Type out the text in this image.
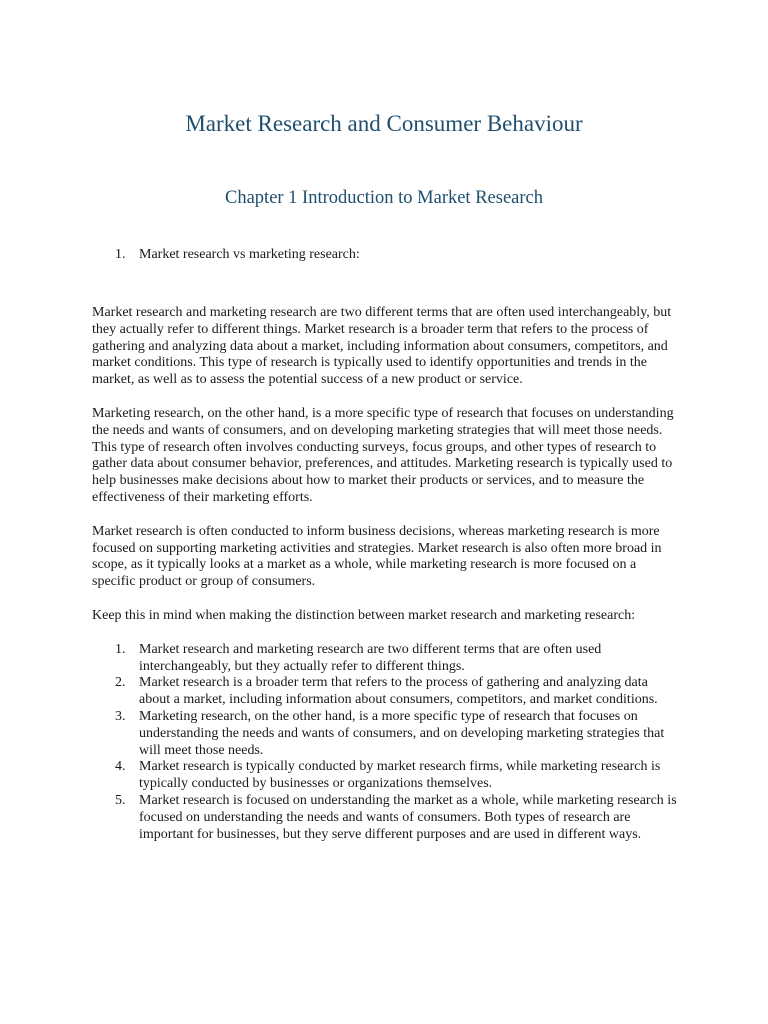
Market Research and Consumer Behaviour
Chapter 1 Introduction to Market Research
1. Market research vs marketing research:

Market research and marketing research are two different terms that are often used interchangeably, but they actually refer to different things. Market research is a broader term that refers to the process of gathering and analyzing data about a market, including information about consumers, competitors, and market conditions. This type of research is typically used to identify opportunities and trends in the market, as well as to assess the potential success of a new product or service.

Marketing research, on the other hand, is a more specific type of research that focuses on understanding the needs and wants of consumers, and on developing marketing strategies that will meet those needs. This type of research often involves conducting surveys, focus groups, and other types of research to gather data about consumer behavior, preferences, and attitudes. Marketing research is typically used to help businesses make decisions about how to market their products or services, and to measure the effectiveness of their marketing efforts.

Market research is often conducted to inform business decisions, whereas marketing research is more focused on supporting marketing activities and strategies. Market research is also often more broad in scope, as it typically looks at a market as a whole, while marketing research is more focused on a specific product or group of consumers.

Keep this in mind when making the distinction between market research and marketing research:

1. Market research and marketing research are two different terms that are often used interchangeably, but they actually refer to different things.
2. Market research is a broader term that refers to the process of gathering and analyzing data about a market, including information about consumers, competitors, and market conditions.
3. Marketing research, on the other hand, is a more specific type of research that focuses on understanding the needs and wants of consumers, and on developing marketing strategies that will meet those needs.
4. Market research is typically conducted by market research firms, while marketing research is typically conducted by businesses or organizations themselves.
5. Market research is focused on understanding the market as a whole, while marketing research is focused on understanding the needs and wants of consumers. Both types of research are important for businesses, but they serve different purposes and are used in different ways.
